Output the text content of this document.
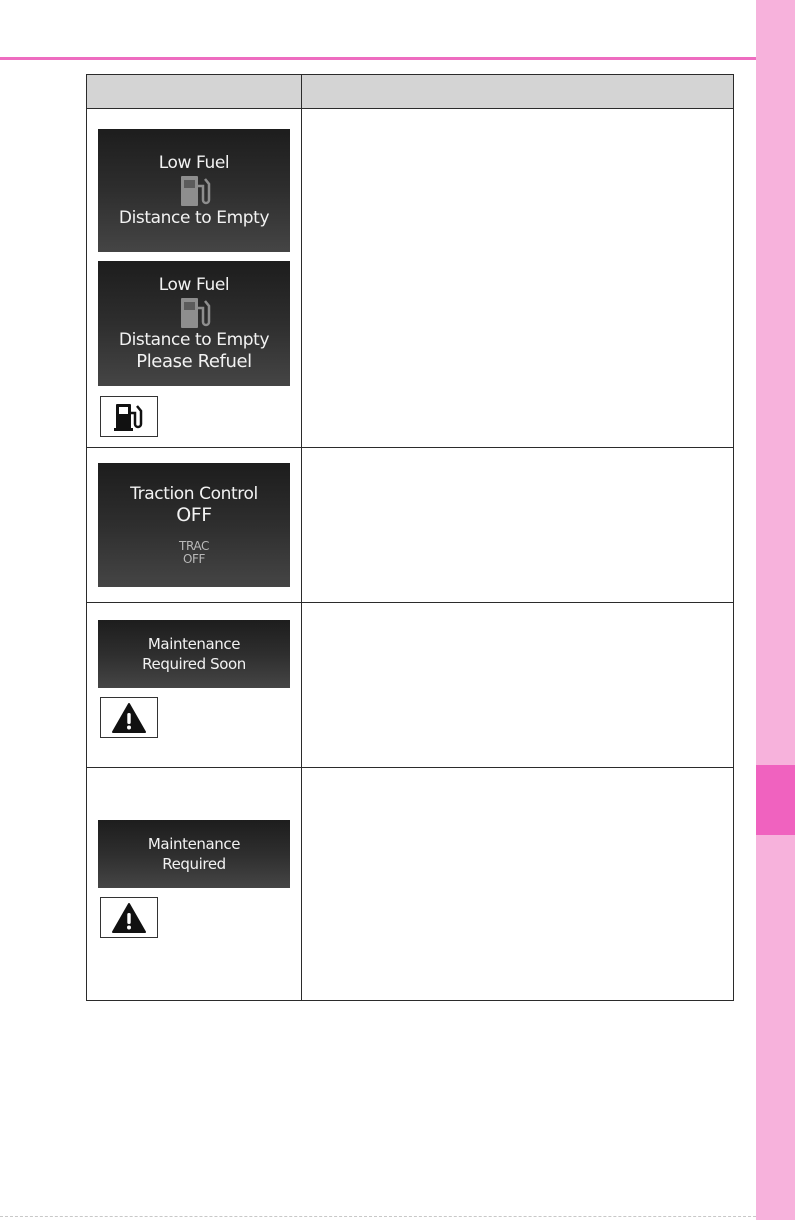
Low Fuel
Distance to Empty
Low Fuel
Distance to Empty
Please Refuel	

Traction Control
OFF
TRAC
OFF	

Maintenance
Required Soon	

Maintenance
Required	
